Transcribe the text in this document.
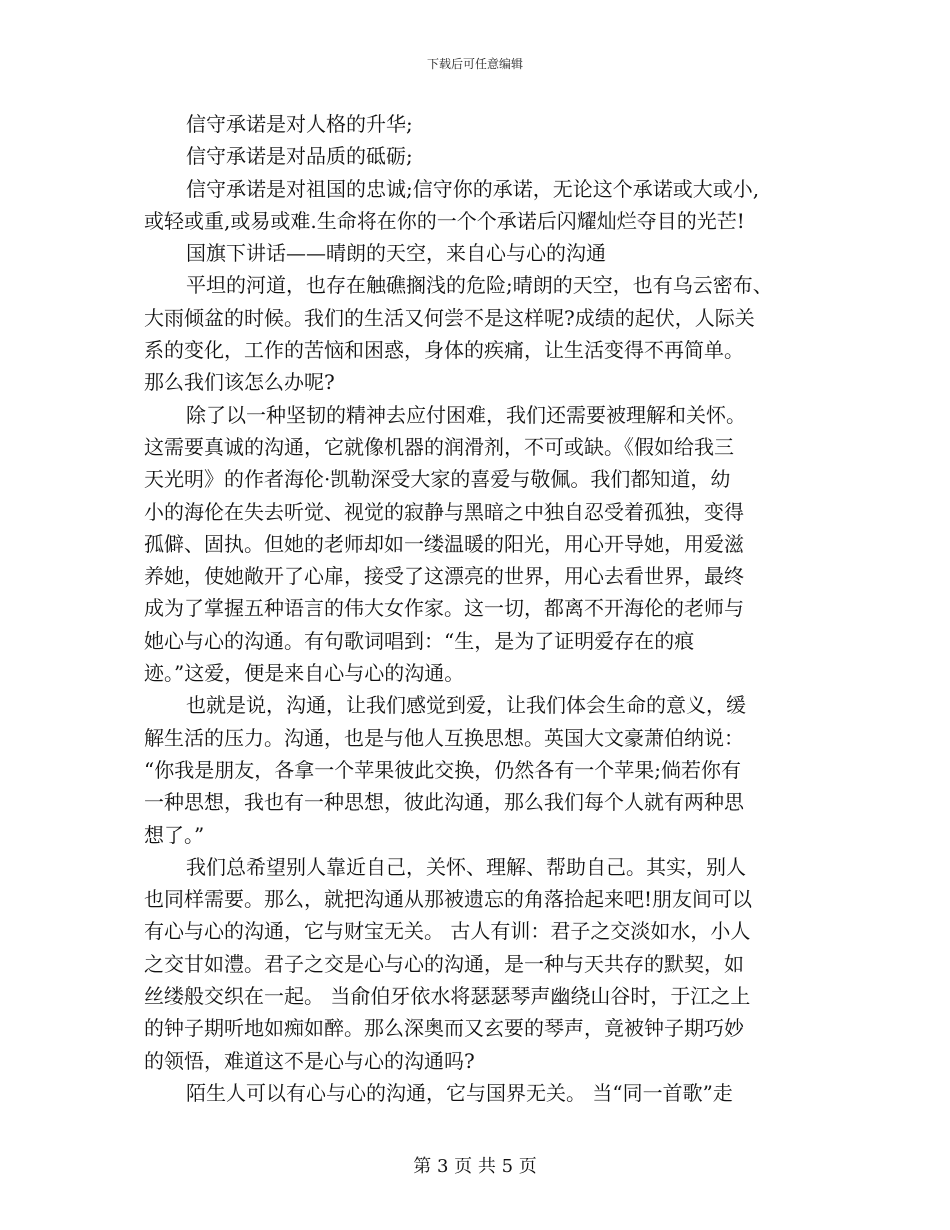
下载后可任意编辑
信守承诺是对人格的升华;
信守承诺是对品质的砥砺;
信守承诺是对祖国的忠诚;信守你的承诺，无论这个承诺或大或小,
或轻或重,或易或难.生命将在你的一个个承诺后闪耀灿烂夺目的光芒!
国旗下讲话——晴朗的天空，来自心与心的沟通
平坦的河道，也存在触礁搁浅的危险;晴朗的天空，也有乌云密布、
大雨倾盆的时候。我们的生活又何尝不是这样呢?成绩的起伏，人际关
系的变化，工作的苦恼和困惑，身体的疾痛，让生活变得不再简单。
那么我们该怎么办呢?
除了以一种坚韧的精神去应付困难，我们还需要被理解和关怀。
这需要真诚的沟通，它就像机器的润滑剂，不可或缺。《假如给我三
天光明》的作者海伦·凯勒深受大家的喜爱与敬佩。我们都知道，幼
小的海伦在失去听觉、视觉的寂静与黑暗之中独自忍受着孤独，变得
孤僻、固执。但她的老师却如一缕温暖的阳光，用心开导她，用爱滋
养她，使她敞开了心扉，接受了这漂亮的世界，用心去看世界，最终
成为了掌握五种语言的伟大女作家。这一切，都离不开海伦的老师与
她心与心的沟通。有句歌词唱到：“生，是为了证明爱存在的痕
迹。”这爱，便是来自心与心的沟通。
也就是说，沟通，让我们感觉到爱，让我们体会生命的意义，缓
解生活的压力。沟通，也是与他人互换思想。英国大文豪萧伯纳说：
“你我是朋友，各拿一个苹果彼此交换，仍然各有一个苹果;倘若你有
一种思想，我也有一种思想，彼此沟通，那么我们每个人就有两种思
想了。”
我们总希望别人靠近自己，关怀、理解、帮助自己。其实，别人
也同样需要。那么，就把沟通从那被遗忘的角落拾起来吧!朋友间可以
有心与心的沟通，它与财宝无关。 古人有训：君子之交淡如水，小人
之交甘如澧。君子之交是心与心的沟通，是一种与天共存的默契，如
丝缕般交织在一起。 当俞伯牙依水将瑟瑟琴声幽绕山谷时，于江之上
的钟子期听地如痴如醉。那么深奥而又玄要的琴声，竟被钟子期巧妙
的领悟，难道这不是心与心的沟通吗?
陌生人可以有心与心的沟通，它与国界无关。 当“同一首歌”走
第 3 页 共 5 页
